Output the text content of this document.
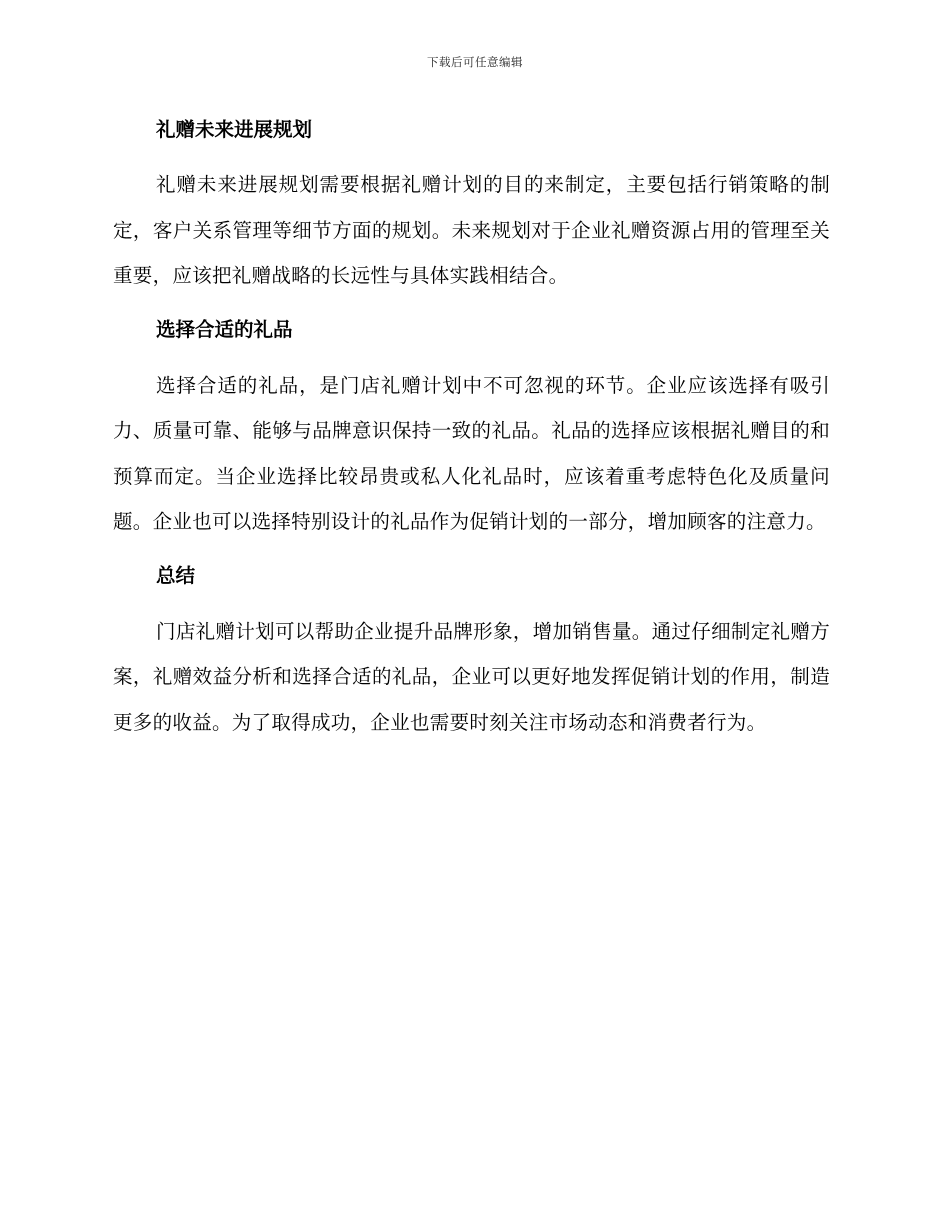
下载后可任意编辑
礼赠未来进展规划

礼赠未来进展规划需要根据礼赠计划的目的来制定，主要包括行销策略的制定，客户关系管理等细节方面的规划。未来规划对于企业礼赠资源占用的管理至关重要，应该把礼赠战略的长远性与具体实践相结合。

选择合适的礼品

选择合适的礼品，是门店礼赠计划中不可忽视的环节。企业应该选择有吸引力、质量可靠、能够与品牌意识保持一致的礼品。礼品的选择应该根据礼赠目的和预算而定。当企业选择比较昂贵或私人化礼品时，应该着重考虑特色化及质量问题。企业也可以选择特别设计的礼品作为促销计划的一部分，增加顾客的注意力。

总结

门店礼赠计划可以帮助企业提升品牌形象，增加销售量。通过仔细制定礼赠方案，礼赠效益分析和选择合适的礼品，企业可以更好地发挥促销计划的作用，制造更多的收益。为了取得成功，企业也需要时刻关注市场动态和消费者行为。
